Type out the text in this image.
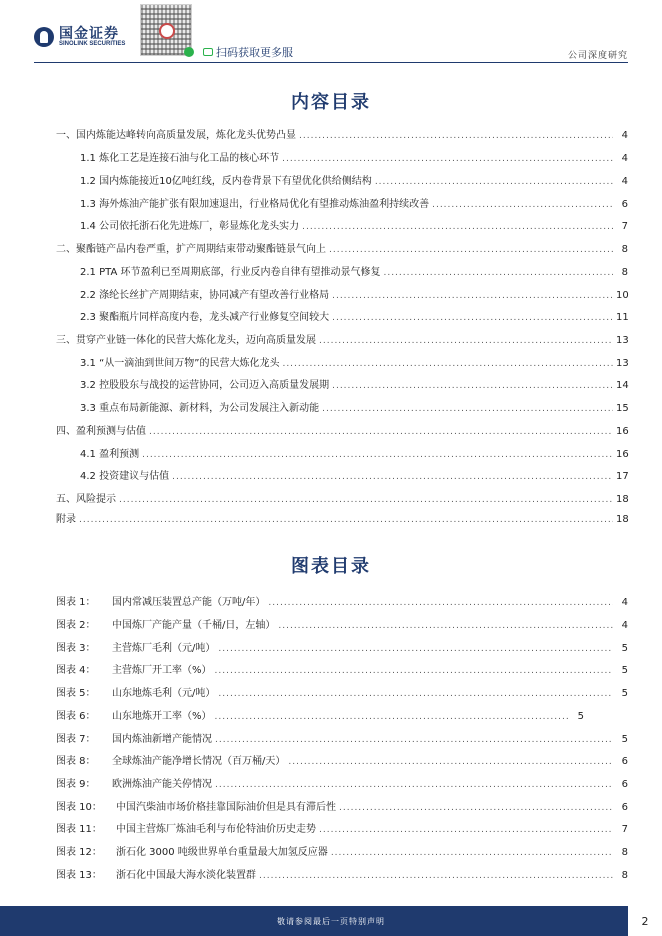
国金证券
SINOLINK SECURITIES
扫码获取更多服	公司深度研究
内容目录
一、国内炼能达峰转向高质量发展，炼化龙头优势凸显 .....	4
1.1 炼化工艺是连接石油与化工品的核心环节 .....	4
1.2 国内炼能接近10亿吨红线，反内卷背景下有望优化供给侧结构 .....	4
1.3 海外炼油产能扩张有限加速退出，行业格局优化有望推动炼油盈利持续改善 .....	6
1.4 公司依托浙石化先进炼厂，彰显炼化龙头实力 .....	7
二、聚酯链产品内卷严重，扩产周期结束带动聚酯链景气向上 .....	8
2.1 PTA 环节盈利已至周期底部，行业反内卷自律有望推动景气修复 .....	8
2.2 涤纶长丝扩产周期结束，协同减产有望改善行业格局 .....	10
2.3 聚酯瓶片同样高度内卷，龙头减产行业修复空间较大 .....	11
三、贯穿产业链一体化的民营大炼化龙头，迈向高质量发展 .....	13
3.1 “从一滴油到世间万物”的民营大炼化龙头 .....	13
3.2 控股股东与战投的运营协同，公司迈入高质量发展期 .....	14
3.3 重点布局新能源、新材料，为公司发展注入新动能 .....	15
四、盈利预测与估值 .....	16
4.1 盈利预测 .....	16
4.2 投资建议与估值 .....	17
五、风险提示 .....	18
附录 .....	18
图表目录
图表 1：	国内常减压装置总产能（万吨/年） .....	4
图表 2：	中国炼厂产能产量（千桶/日，左轴） .....	4
图表 3：	主营炼厂毛利（元/吨） .....	5
图表 4：	主营炼厂开工率（%） .....	5
图表 5：	山东地炼毛利（元/吨） .....	5
图表 6：	山东地炼开工率（%） .....	5
图表 7：	国内炼油新增产能情况 .....	5
图表 8：	全球炼油产能净增长情况（百万桶/天） .....	6
图表 9：	欧洲炼油产能关停情况 .....	6
图表 10：	中国汽柴油市场价格挂靠国际油价但是具有滞后性 .....	6
图表 11：	中国主营炼厂炼油毛利与布伦特油价历史走势 .....	7
图表 12：	浙石化 3000 吨级世界单台重量最大加氢反应器 .....	8
图表 13：	浙石化中国最大海水淡化装置群 .....	8
敬请参阅最后一页特别声明	2
